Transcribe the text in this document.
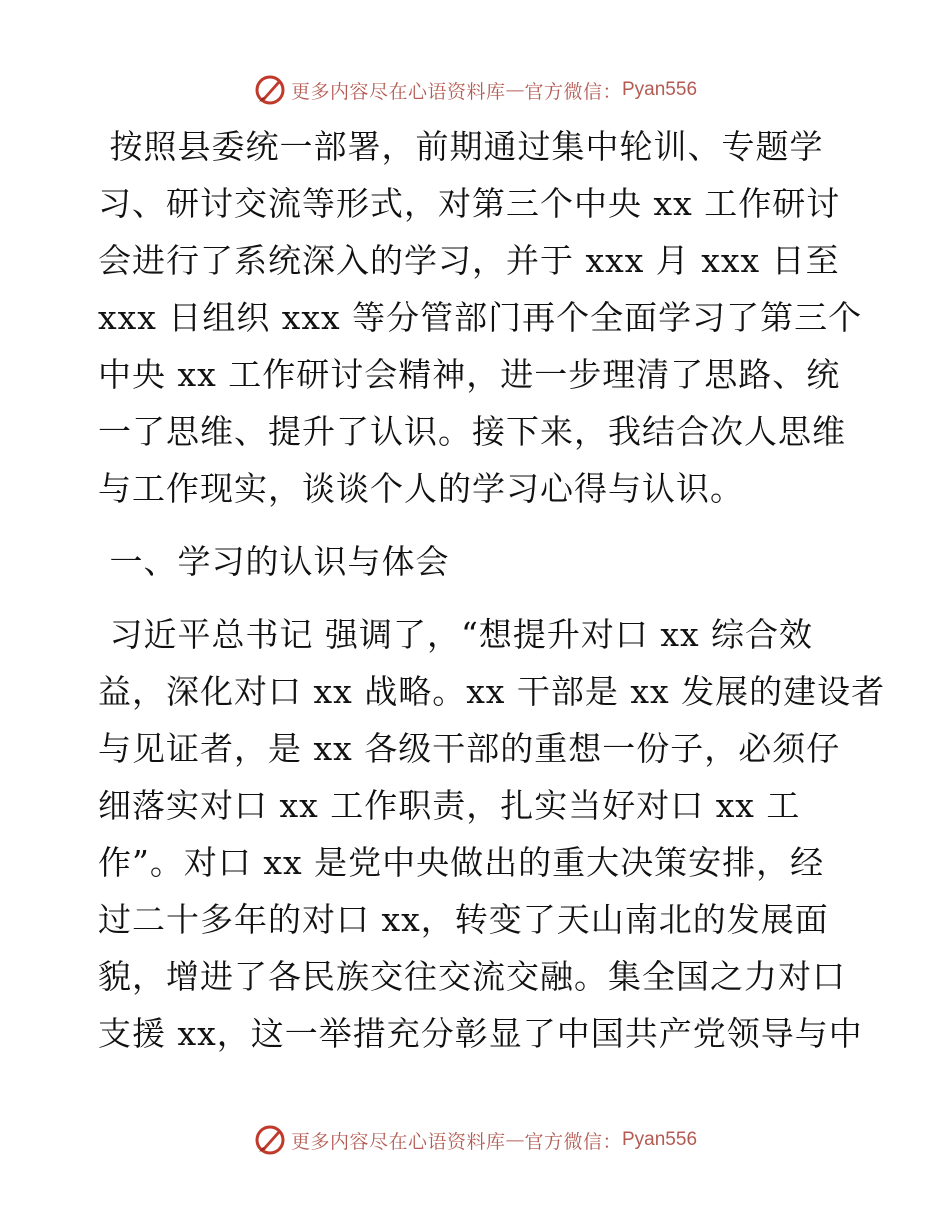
更多内容尽在心语资料库 — 官方微信： Pyan556
按照县委统一部署，前期通过集中轮训、专题学
习、研讨交流等形式，对第三个中央 xx 工作研讨
会进行了系统深入的学习，并于 xxx 月 xxx 日至
xxx 日组织 xxx 等分管部门再个全面学习了第三个
中央 xx 工作研讨会精神，进一步理清了思路、统
一了思维、提升了认识。接下来，我结合次人思维
与工作现实，谈谈个人的学习心得与认识。
一、学习的认识与体会
习近平总书记 强调了，“想提升对口 xx 综合效
益，深化对口 xx 战略。xx 干部是 xx 发展的建设者
与见证者，是 xx 各级干部的重想一份子，必须仔
细落实对口 xx 工作职责，扎实当好对口 xx 工
作”。对口 xx 是党中央做出的重大决策安排，经
过二十多年的对口 xx，转变了天山南北的发展面
貌，增进了各民族交往交流交融。集全国之力对口
支援 xx，这一举措充分彰显了中国共产党领导与中
更多内容尽在心语资料库 — 官方微信： Pyan556
